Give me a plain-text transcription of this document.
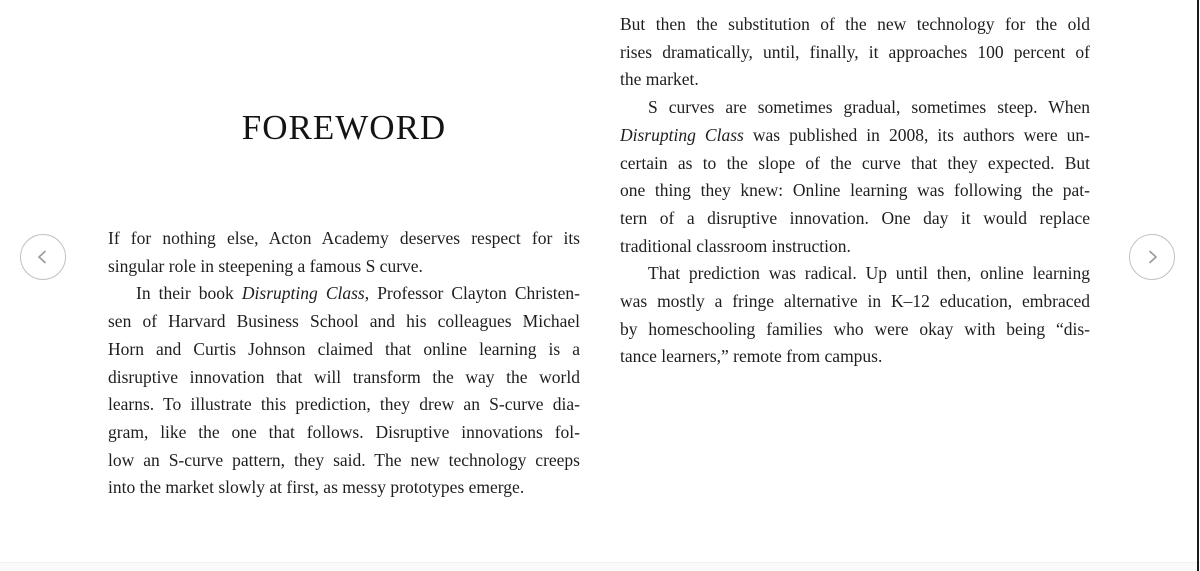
FOREWORD
If for nothing else, Acton Academy deserves respect for its
singular role in steepening a famous S curve.
In their book Disrupting Class, Professor Clayton Christen-
sen of Harvard Business School and his colleagues Michael
Horn and Curtis Johnson claimed that online learning is a
disruptive innovation that will transform the way the world
learns. To illustrate this prediction, they drew an S-curve dia-
gram, like the one that follows. Disruptive innovations fol-
low an S-curve pattern, they said. The new technology creeps
into the market slowly at first, as messy prototypes emerge.
But then the substitution of the new technology for the old
rises dramatically, until, finally, it approaches 100 percent of
the market.
S curves are sometimes gradual, sometimes steep. When
Disrupting Class was published in 2008, its authors were un-
certain as to the slope of the curve that they expected. But
one thing they knew: Online learning was following the pat-
tern of a disruptive innovation. One day it would replace
traditional classroom instruction.
That prediction was radical. Up until then, online learning
was mostly a fringe alternative in K–12 education, embraced
by homeschooling families who were okay with being “dis-
tance learners,” remote from campus.
